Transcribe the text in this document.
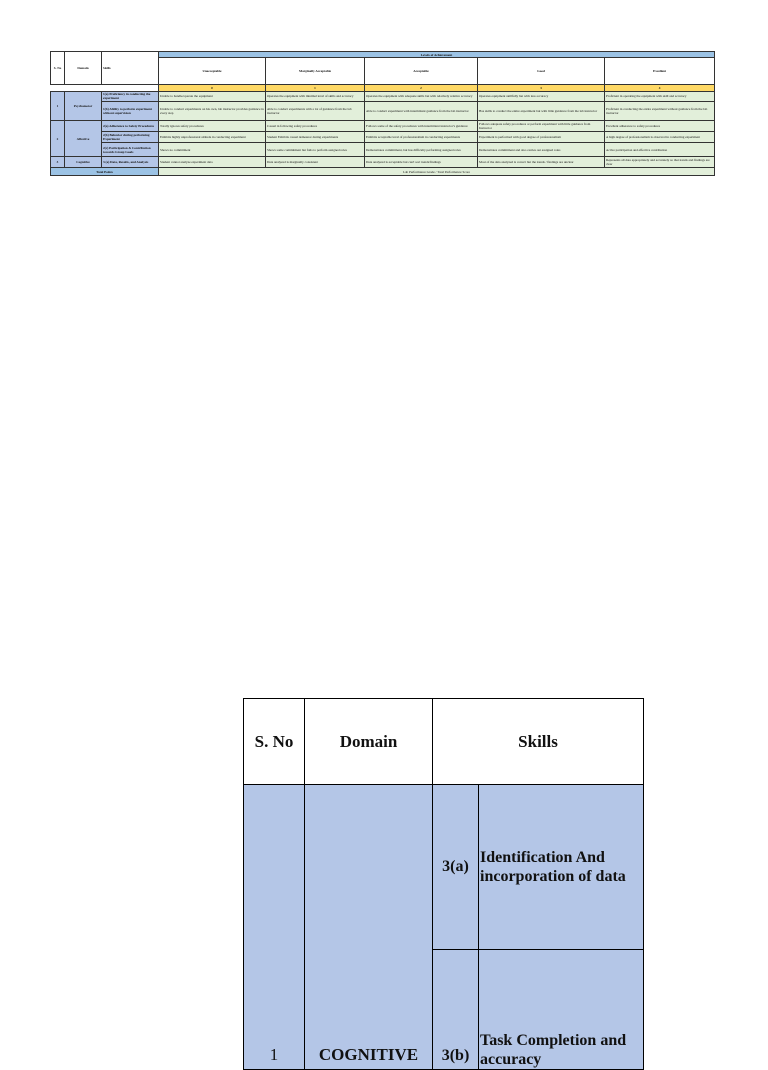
S. No	Domain	Skills	Levels of Achievement				
			Unacceptable	Marginally Acceptable	Acceptable	Good	Excellent
			0	1	2	3	4
1	Psychomotor	1(a) Proficiency in conducting the experiment	Unable to handle/operate the equipment	Operates the equipment with minimal level of skills and accuracy	Operates the equipment with adequate skills but with relatively relative accuracy	Operates equipment skillfully but with less accuracy	Proficient in operating the equipment with skill and accuracy
		1(b) Ability to perform experiment without supervision	Unable to conduct experiments on his own, lab instructor provides guidance in every step	Able to conduct experiments with a lot of guidance from the lab instructor	Able to conduct experiment with intermittent guidance from the lab instructor	Has skills to conduct the entire experiment but with little guidance from the lab instructor	Proficient in conducting the entire experiment without guidance from the lab instructor
2	Affective	2(a) Adherence to Safety Procedures	Totally ignores safety procedures	Casual in following safety procedures	Follows some of the safety procedures with intermittent instructor's guidance	Follows adequate safety procedures or perform experiment with little guidance from Instructor	Excellent adherence to safety procedures
		2(b) Behavior during performing Experiment	Exhibits highly unprofessional attitude in conducting experiment	Student Exhibits casual demeanor during experiments	Exhibits acceptable level of professionalism in conducting experiments	Experiment is performed with good degree of professionalism	A high degree of professionalism is observed in conducting experiment
		2(c) Participation & Contribution towards Group Goals	Shows no commitment	Shows some commitment but fails to perform assigned roles	Demonstrates commitment, but has difficulty performing assigned roles	Demonstrates commitment and also carries out assigned roles	Active participation and effective contribution
3	Cognitive	3 (a) Data, Results, and Analysis	Student cannot analyze experiment data	Data analyzed is marginally consistent	Data analyzed is acceptable but can't sort trends/findings	Most of the data analyzed is correct but the trends / findings are unclear	Represents all data appropriately and accurately so that trends and findings are clear
Total Points			Lab Performance Grade / Total Performance Score				
S. No	Domain	Skills	
1	COGNITIVE	3(a)	Identification And incorporation of data
		3(b)	Task Completion and accuracy
